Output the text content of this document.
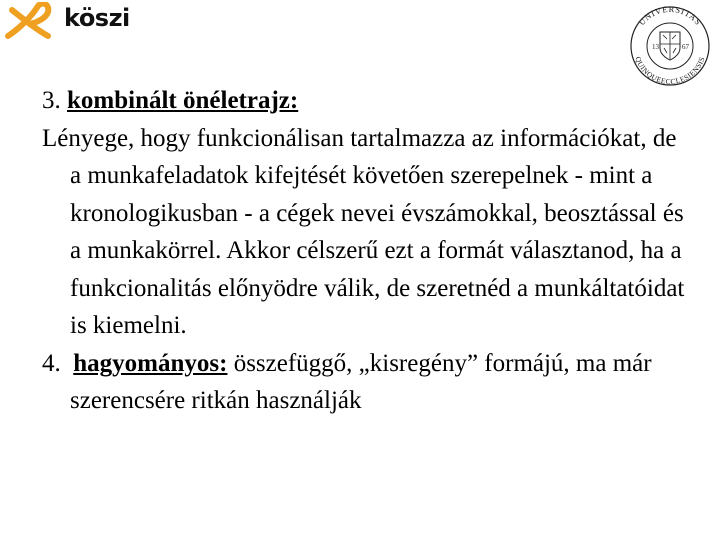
köszi	UNIVERSITAS
QUINQUEECCLESIENSIS
13	67

3. kombinált önéletrajz:

Lényege, hogy funkcionálisan tartalmazza az információkat, de a munkafeladatok kifejtését követően szerepelnek - mint a kronologikusban - a cégek nevei évszámokkal, beosztással és a munkakörrel. Akkor célszerű ezt a formát választanod, ha a funkcionalitás előnyödre válik, de szeretnéd a munkáltatóidat is kiemelni.

4. hagyományos: összefüggő, „kisregény” formájú, ma már szerencsére ritkán használják
